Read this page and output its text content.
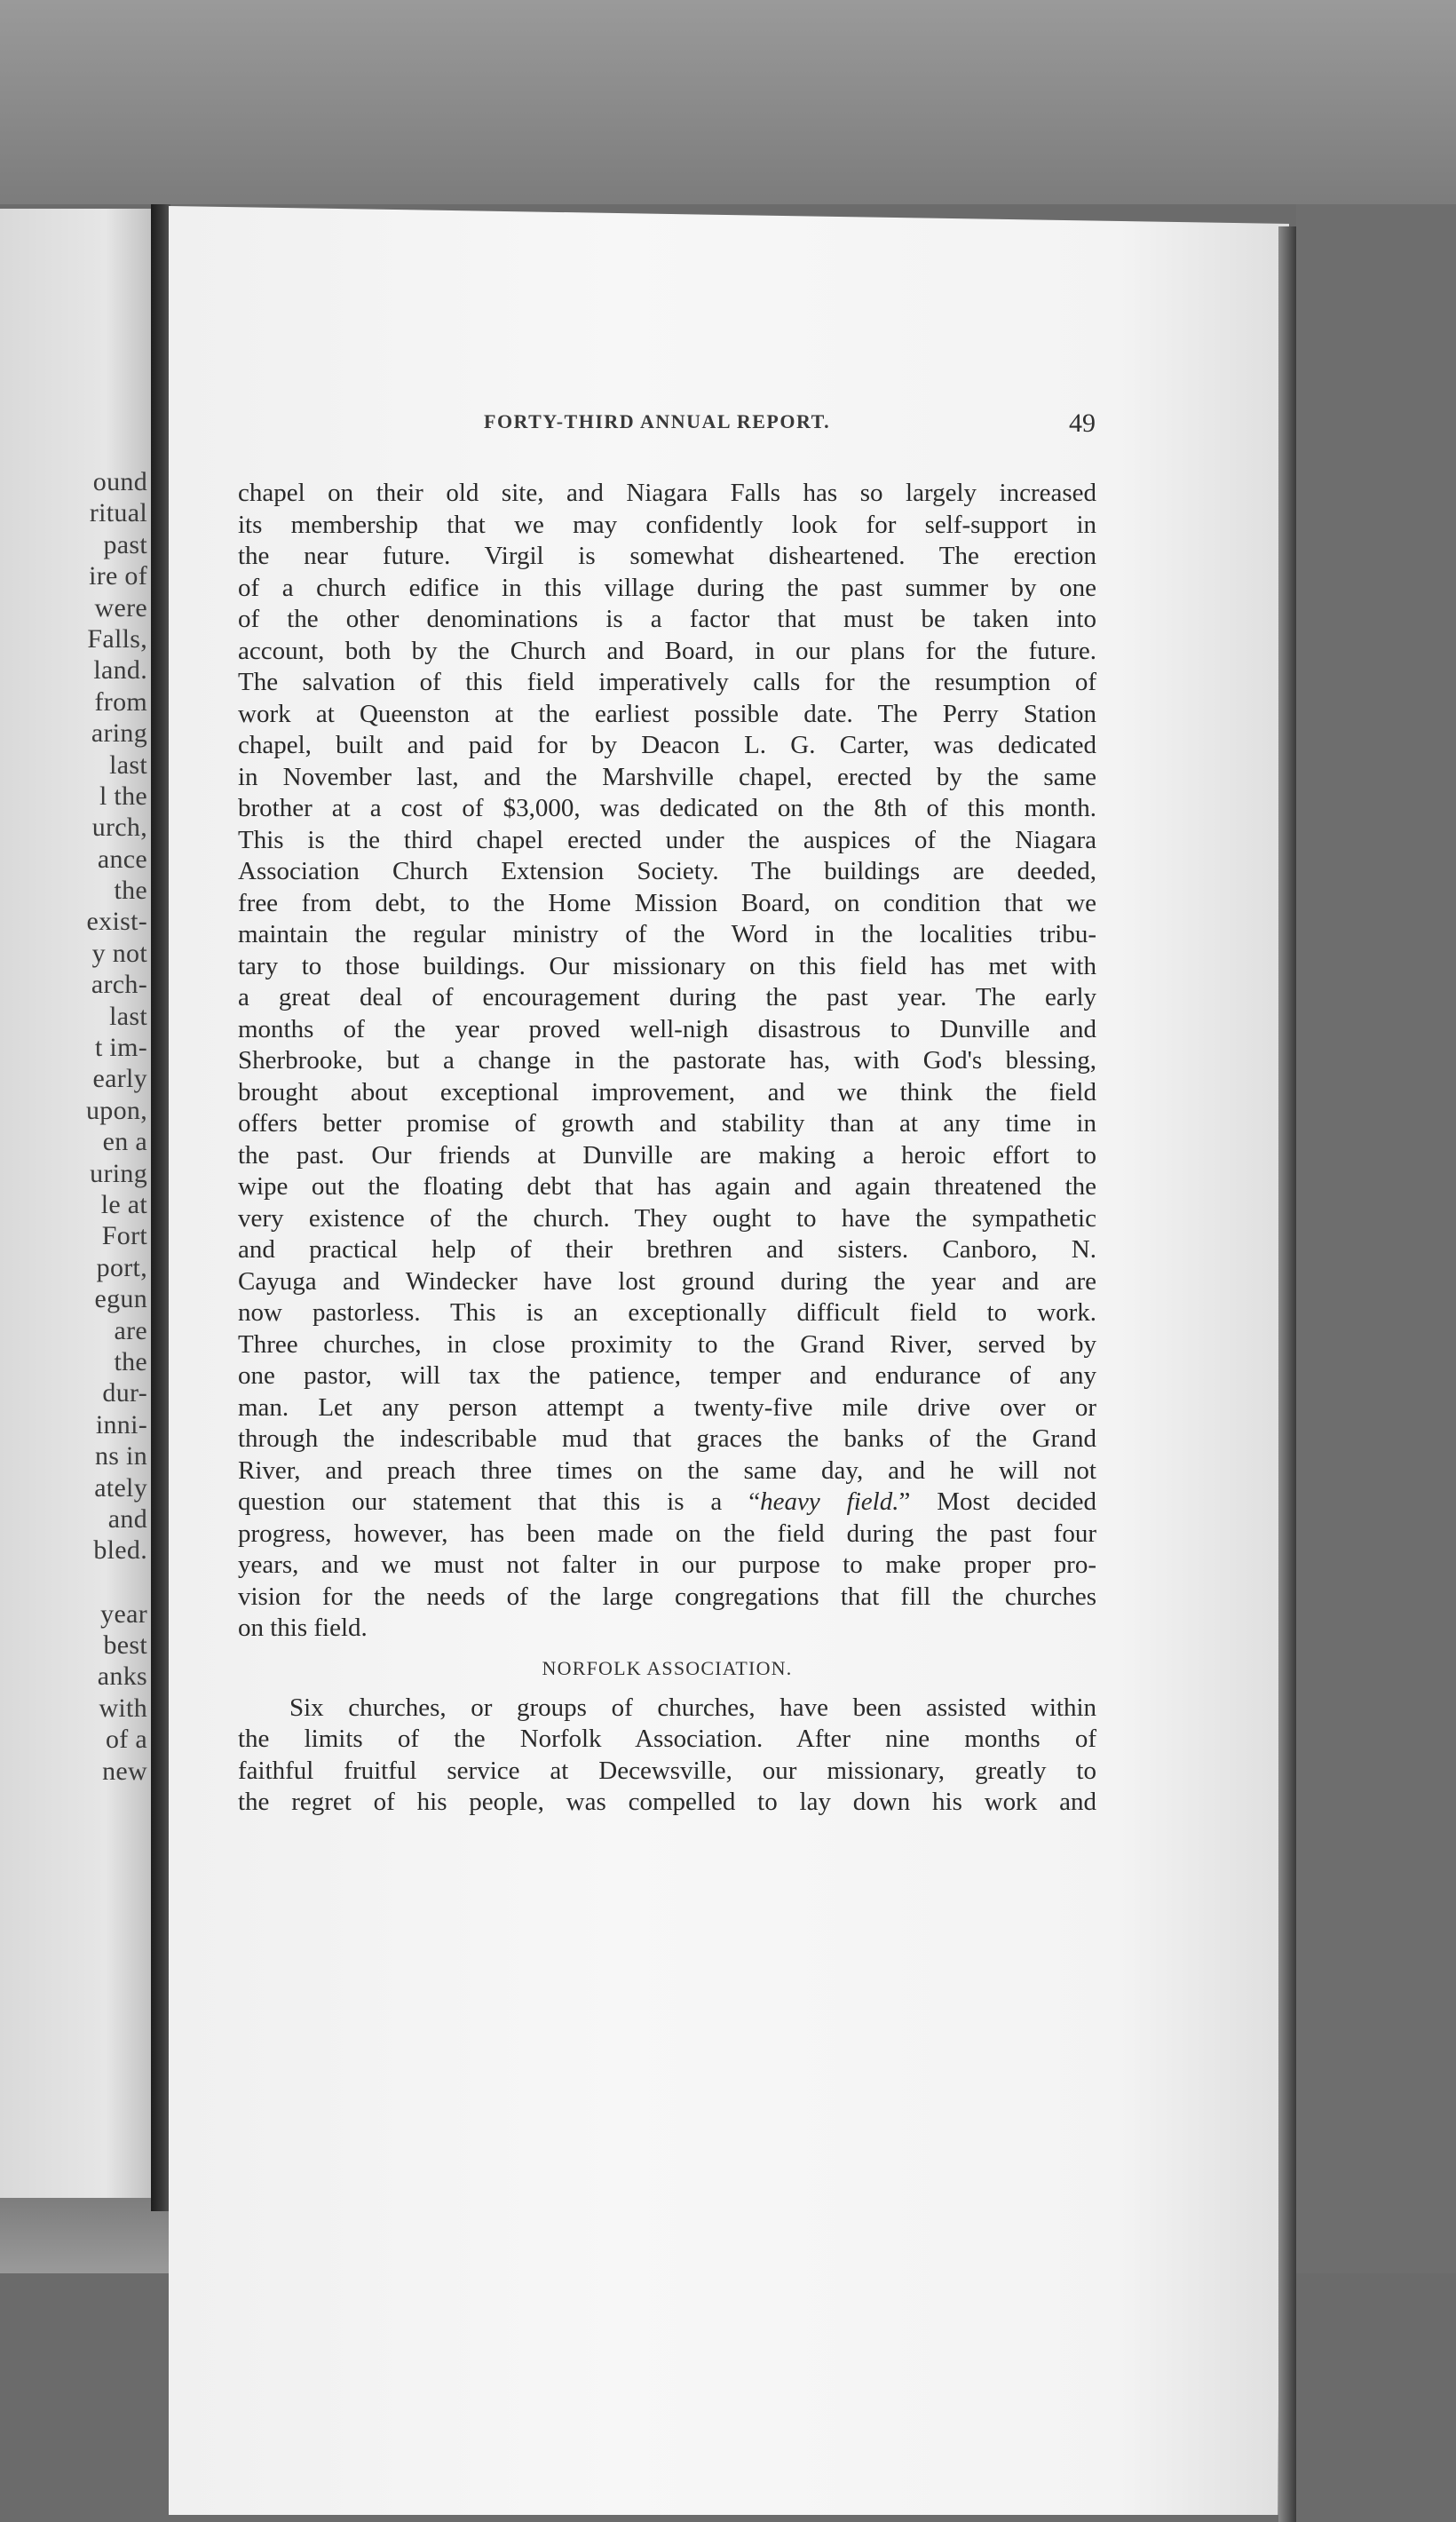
ound
ritual
past
ire of
were
Falls,
land.
from
aring
last
l the
urch,
ance
the
exist-
y not
arch-
last
t im-
early
upon,
en a
uring
le at
Fort
port,
egun
are
the
dur-
inni-
ns in
ately
and
bled.
year
best
anks
with
of a
new
FORTY-THIRD ANNUAL REPORT.	49
chapel on their old site, and Niagara Falls has so largely increased
its membership that we may confidently look for self-support in
the near future. Virgil is somewhat disheartened. The erection
of a church edifice in this village during the past summer by one
of the other denominations is a factor that must be taken into
account, both by the Church and Board, in our plans for the future.
The salvation of this field imperatively calls for the resumption of
work at Queenston at the earliest possible date. The Perry Station
chapel, built and paid for by Deacon L. G. Carter, was dedicated
in November last, and the Marshville chapel, erected by the same
brother at a cost of $3,000, was dedicated on the 8th of this month.
This is the third chapel erected under the auspices of the Niagara
Association Church Extension Society. The buildings are deeded,
free from debt, to the Home Mission Board, on condition that we
maintain the regular ministry of the Word in the localities tribu-
tary to those buildings. Our missionary on this field has met with
a great deal of encouragement during the past year. The early
months of the year proved well-nigh disastrous to Dunville and
Sherbrooke, but a change in the pastorate has, with God's blessing,
brought about exceptional improvement, and we think the field
offers better promise of growth and stability than at any time in
the past. Our friends at Dunville are making a heroic effort to
wipe out the floating debt that has again and again threatened the
very existence of the church. They ought to have the sympathetic
and practical help of their brethren and sisters. Canboro, N.
Cayuga and Windecker have lost ground during the year and are
now pastorless. This is an exceptionally difficult field to work.
Three churches, in close proximity to the Grand River, served by
one pastor, will tax the patience, temper and endurance of any
man. Let any person attempt a twenty-five mile drive over or
through the indescribable mud that graces the banks of the Grand
River, and preach three times on the same day, and he will not
question our statement that this is a “heavy field.” Most decided
progress, however, has been made on the field during the past four
years, and we must not falter in our purpose to make proper pro-
vision for the needs of the large congregations that fill the churches
on this field.
NORFOLK ASSOCIATION.
Six churches, or groups of churches, have been assisted within
the limits of the Norfolk Association. After nine months of
faithful fruitful service at Decewsville, our missionary, greatly to
the regret of his people, was compelled to lay down his work and
